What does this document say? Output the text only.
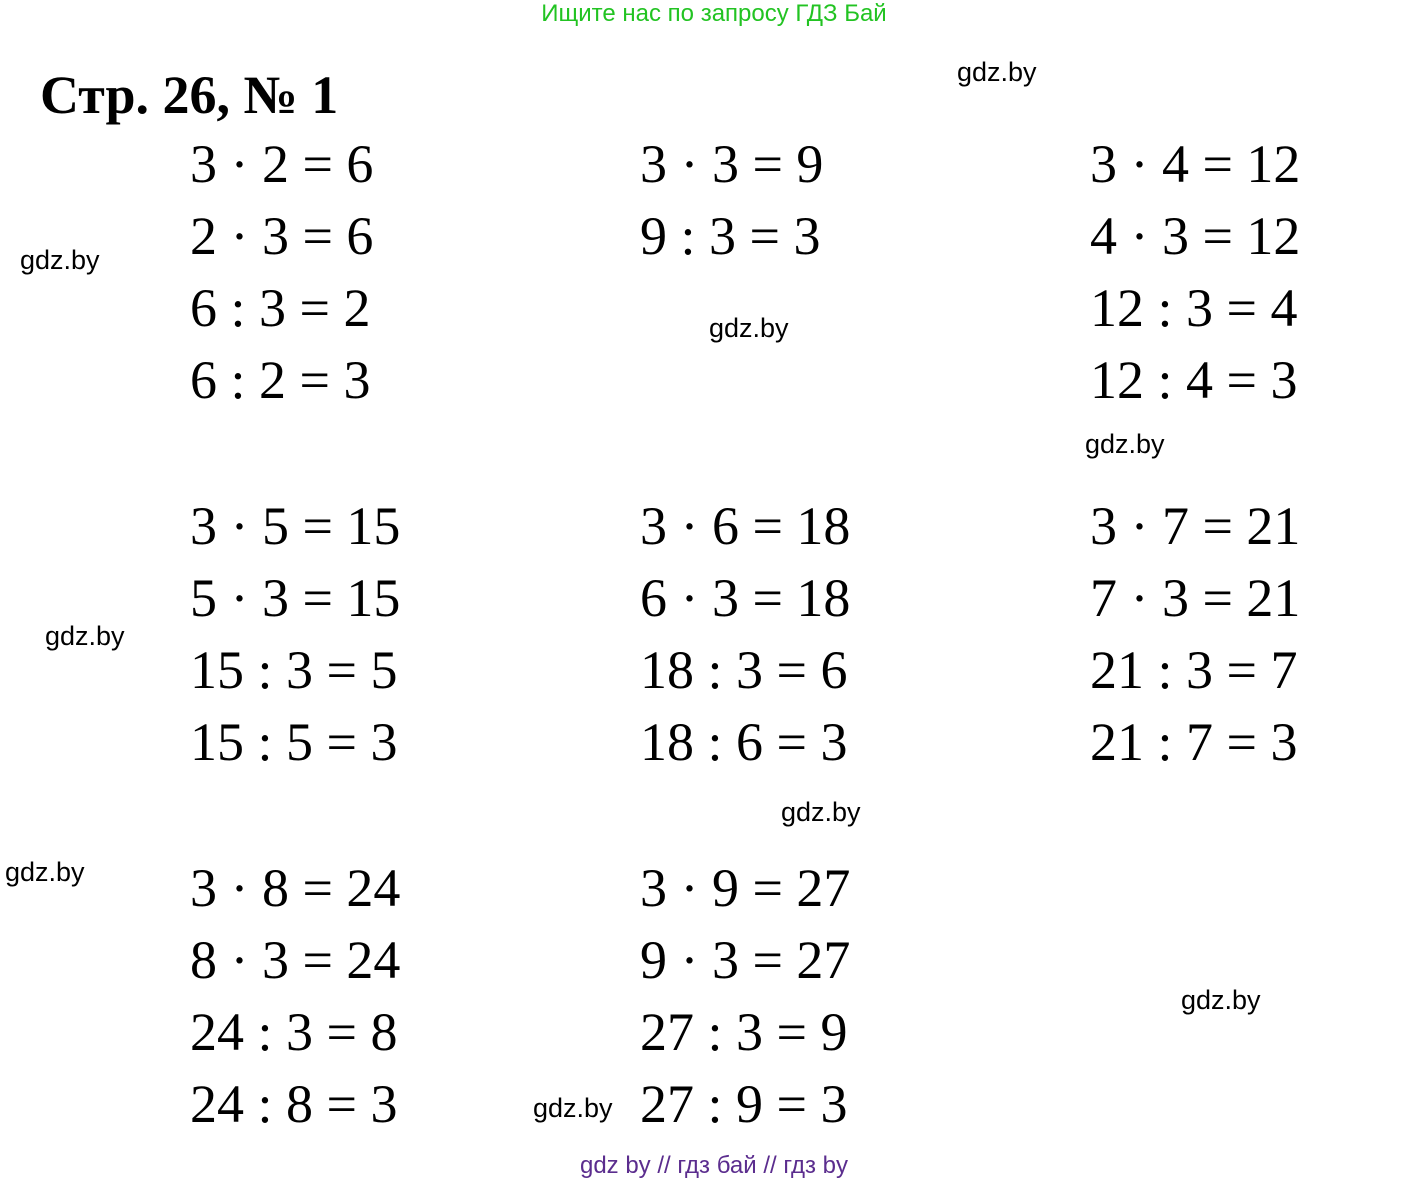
Ищите нас по запросу ГДЗ Бай
Стр. 26, № 1
3 · 2 = 6
2 · 3 = 6
6 : 3 = 2
6 : 2 = 3
3 · 3 = 9
9 : 3 = 3
3 · 4 = 12
4 · 3 = 12
12 : 3 = 4
12 : 4 = 3
3 · 5 = 15
5 · 3 = 15
15 : 3 = 5
15 : 5 = 3
3 · 6 = 18
6 · 3 = 18
18 : 3 = 6
18 : 6 = 3
3 · 7 = 21
7 · 3 = 21
21 : 3 = 7
21 : 7 = 3
3 · 8 = 24
8 · 3 = 24
24 : 3 = 8
24 : 8 = 3
3 · 9 = 27
9 · 3 = 27
27 : 3 = 9
27 : 9 = 3
gdz.by
gdz.by
gdz.by
gdz.by
gdz.by
gdz.by
gdz.by
gdz.by
gdz.by
gdz by // гдз бай // гдз by
